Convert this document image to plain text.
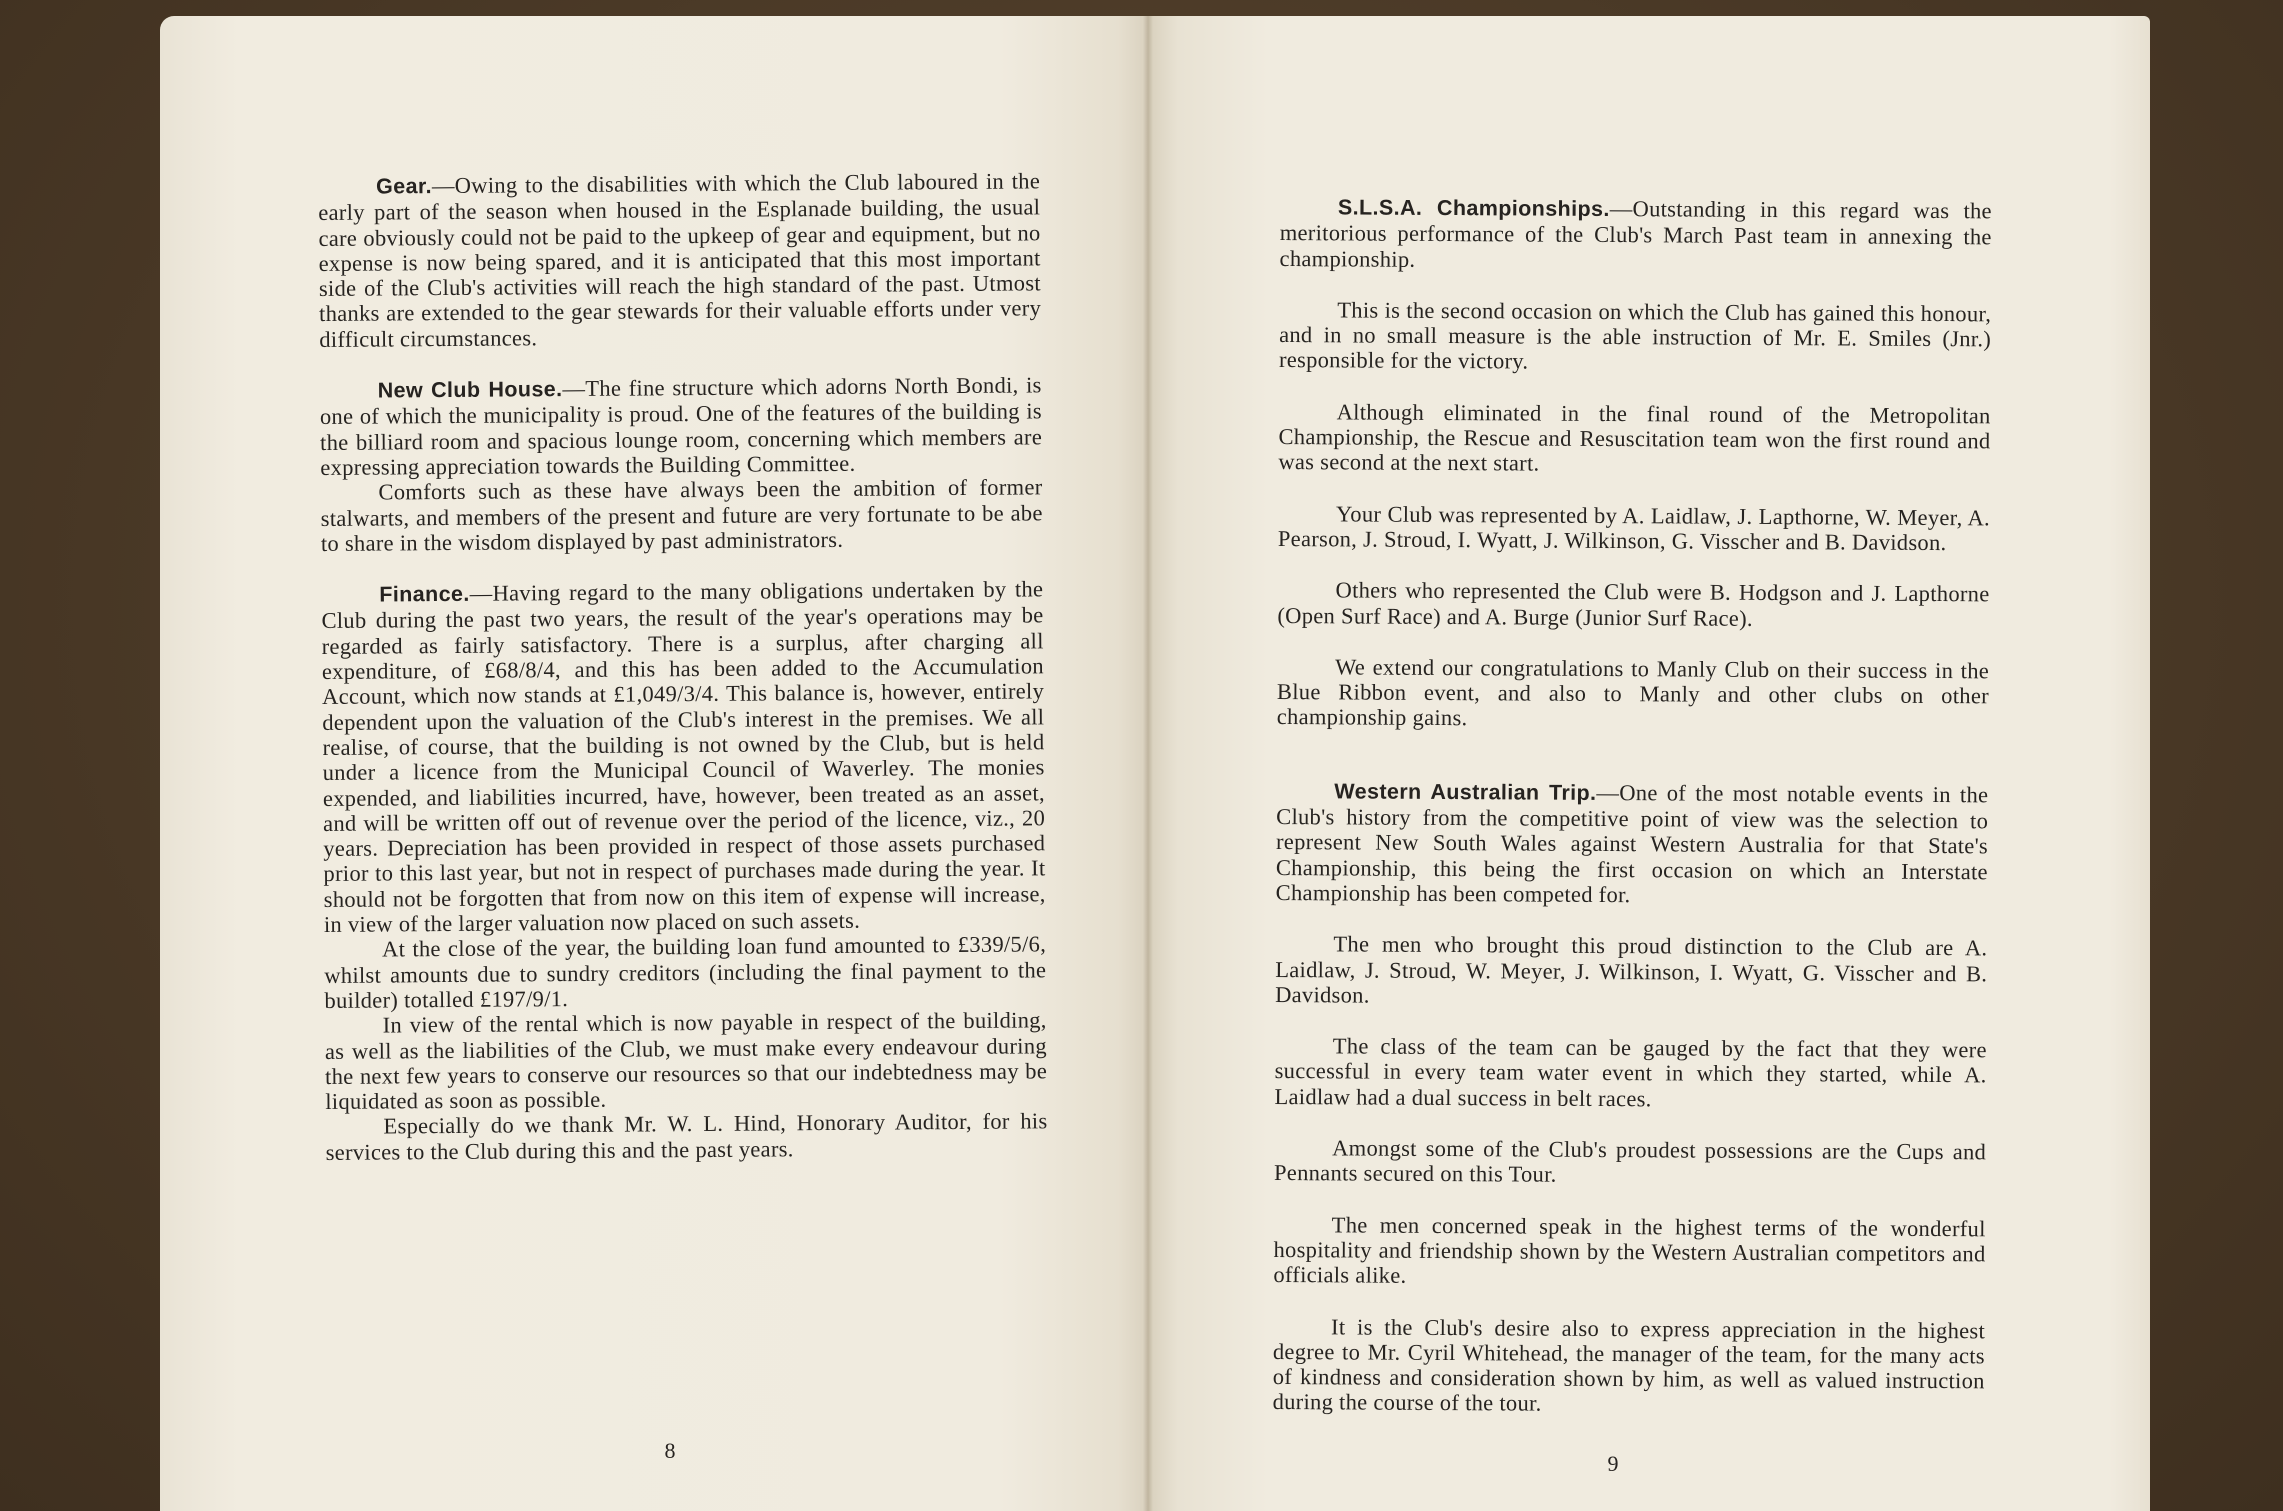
Gear.—Owing to the disabilities with which the Club laboured in the early part of the season when housed in the Esplanade building, the usual care obviously could not be paid to the upkeep of gear and equipment, but no expense is now being spared, and it is anticipated that this most important side of the Club's activities will reach the high standard of the past. Utmost thanks are extended to the gear stewards for their valuable efforts under very difficult circumstances.

New Club House.—The fine structure which adorns North Bondi, is one of which the municipality is proud. One of the features of the building is the billiard room and spacious lounge room, concerning which members are expressing appreciation towards the Building Committee.

Comforts such as these have always been the ambition of former stalwarts, and members of the present and future are very fortunate to be abe to share in the wisdom displayed by past administrators.

Finance.—Having regard to the many obligations undertaken by the Club during the past two years, the result of the year's operations may be regarded as fairly satisfactory. There is a surplus, after charging all expenditure, of £68/8/4, and this has been added to the Accumulation Account, which now stands at £1,049/3/4. This balance is, however, entirely dependent upon the valuation of the Club's interest in the premises. We all realise, of course, that the building is not owned by the Club, but is held under a licence from the Municipal Council of Waverley. The monies expended, and liabilities incurred, have, however, been treated as an asset, and will be written off out of revenue over the period of the licence, viz., 20 years. Depreciation has been provided in respect of those assets purchased prior to this last year, but not in respect of purchases made during the year. It should not be forgotten that from now on this item of expense will increase, in view of the larger valuation now placed on such assets.

At the close of the year, the building loan fund amounted to £339/5/6, whilst amounts due to sundry creditors (including the final payment to the builder) totalled £197/9/1.

In view of the rental which is now payable in respect of the building, as well as the liabilities of the Club, we must make every endeavour during the next few years to conserve our resources so that our indebtedness may be liquidated as soon as possible.

Especially do we thank Mr. W. L. Hind, Honorary Auditor, for his services to the Club during this and the past years.

8

S.L.S.A. Championships.—Outstanding in this regard was the meritorious performance of the Club's March Past team in annexing the championship.

This is the second occasion on which the Club has gained this honour, and in no small measure is the able instruction of Mr. E. Smiles (Jnr.) responsible for the victory.

Although eliminated in the final round of the Metropolitan Championship, the Rescue and Resuscitation team won the first round and was second at the next start.

Your Club was represented by A. Laidlaw, J. Lapthorne, W. Meyer, A. Pearson, J. Stroud, I. Wyatt, J. Wilkinson, G. Visscher and B. Davidson.

Others who represented the Club were B. Hodgson and J. Lapthorne (Open Surf Race) and A. Burge (Junior Surf Race).

We extend our congratulations to Manly Club on their success in the Blue Ribbon event, and also to Manly and other clubs on other championship gains.

Western Australian Trip.—One of the most notable events in the Club's history from the competitive point of view was the selection to represent New South Wales against Western Australia for that State's Championship, this being the first occasion on which an Interstate Championship has been competed for.

The men who brought this proud distinction to the Club are A. Laidlaw, J. Stroud, W. Meyer, J. Wilkinson, I. Wyatt, G. Visscher and B. Davidson.

The class of the team can be gauged by the fact that they were successful in every team water event in which they started, while A. Laidlaw had a dual success in belt races.

Amongst some of the Club's proudest possessions are the Cups and Pennants secured on this Tour.

The men concerned speak in the highest terms of the wonderful hospitality and friendship shown by the Western Australian competitors and officials alike.

It is the Club's desire also to express appreciation in the highest degree to Mr. Cyril Whitehead, the manager of the team, for the many acts of kindness and consideration shown by him, as well as valued instruction during the course of the tour.

9
